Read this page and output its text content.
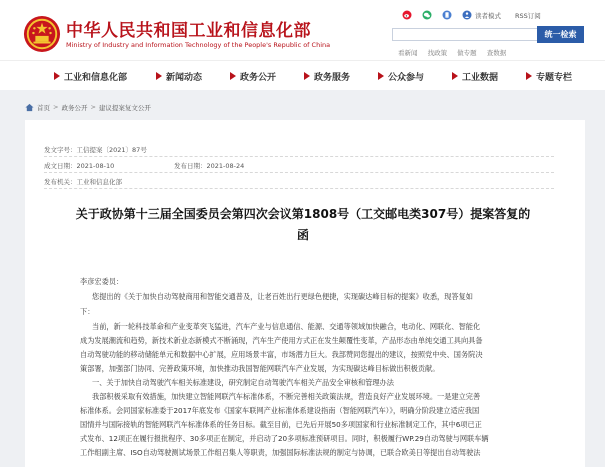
中华人民共和国工业和信息化部
Ministry of Industry and Information Technology of the People's Republic of China
读者模式 RSS订阅
统一检索
看新闻 找政策 做专题 查数据
工业和信息化部	新闻动态	政务公开	政务服务	公众参与	工业数据	专题专栏
首页 > 政务公开 > 建议提案复文公开
发文字号：工信提案〔2021〕87号
成文日期：2021-08-10	发布日期：2021-08-24
发布机关：工业和信息化部
关于政协第十三届全国委员会第四次会议第1808号（工交邮电类307号）提案答复的
函
李彦宏委员：
您提出的《关于加快自动驾驶商用和智能交通普及，让老百姓出行更绿色便捷，实现碳达峰目标的提案》收悉，现答复如
下：
当前，新一轮科技革命和产业变革突飞猛进，汽车产业与信息通信、能源、交通等领域加快融合，电动化、网联化、智能化
成为发展潮流和趋势，新技术新业态新模式不断涌现，汽车生产使用方式正在发生颠覆性变革，产品形态由单纯交通工具向具备
自动驾驶功能的移动储能单元和数据中心扩展，应用场景丰富，市场潜力巨大。我部赞同您提出的建议，按照党中央、国务院决
策部署，加强部门协同、完善政策环境，加快推动我国智能网联汽车产业发展，为实现碳达峰目标做出积极贡献。
一、关于加快自动驾驶汽车相关标准建设，研究制定自动驾驶汽车相关产品安全审核和管理办法
我部积极采取有效措施，加快建立智能网联汽车标准体系，不断完善相关政策法规，营造良好产业发展环境。一是建立完善
标准体系。会同国家标准委于2017年底发布《国家车联网产业标准体系建设指南（智能网联汽车）》，明确分阶段建立适应我国
国情并与国际接轨的智能网联汽车标准体系的任务目标。截至目前，已先后开展50多项国家和行业标准制定工作，其中6项已正
式发布、12项正在履行报批程序、30多项正在制定，并启动了20多项标准预研项目。同时，积极履行WP.29自动驾驶与网联车辆
工作组副主席、ISO自动驾驶测试场景工作组召集人等职责，加强国际标准法规的制定与协调，已联合欧美日等提出自动驾驶法
